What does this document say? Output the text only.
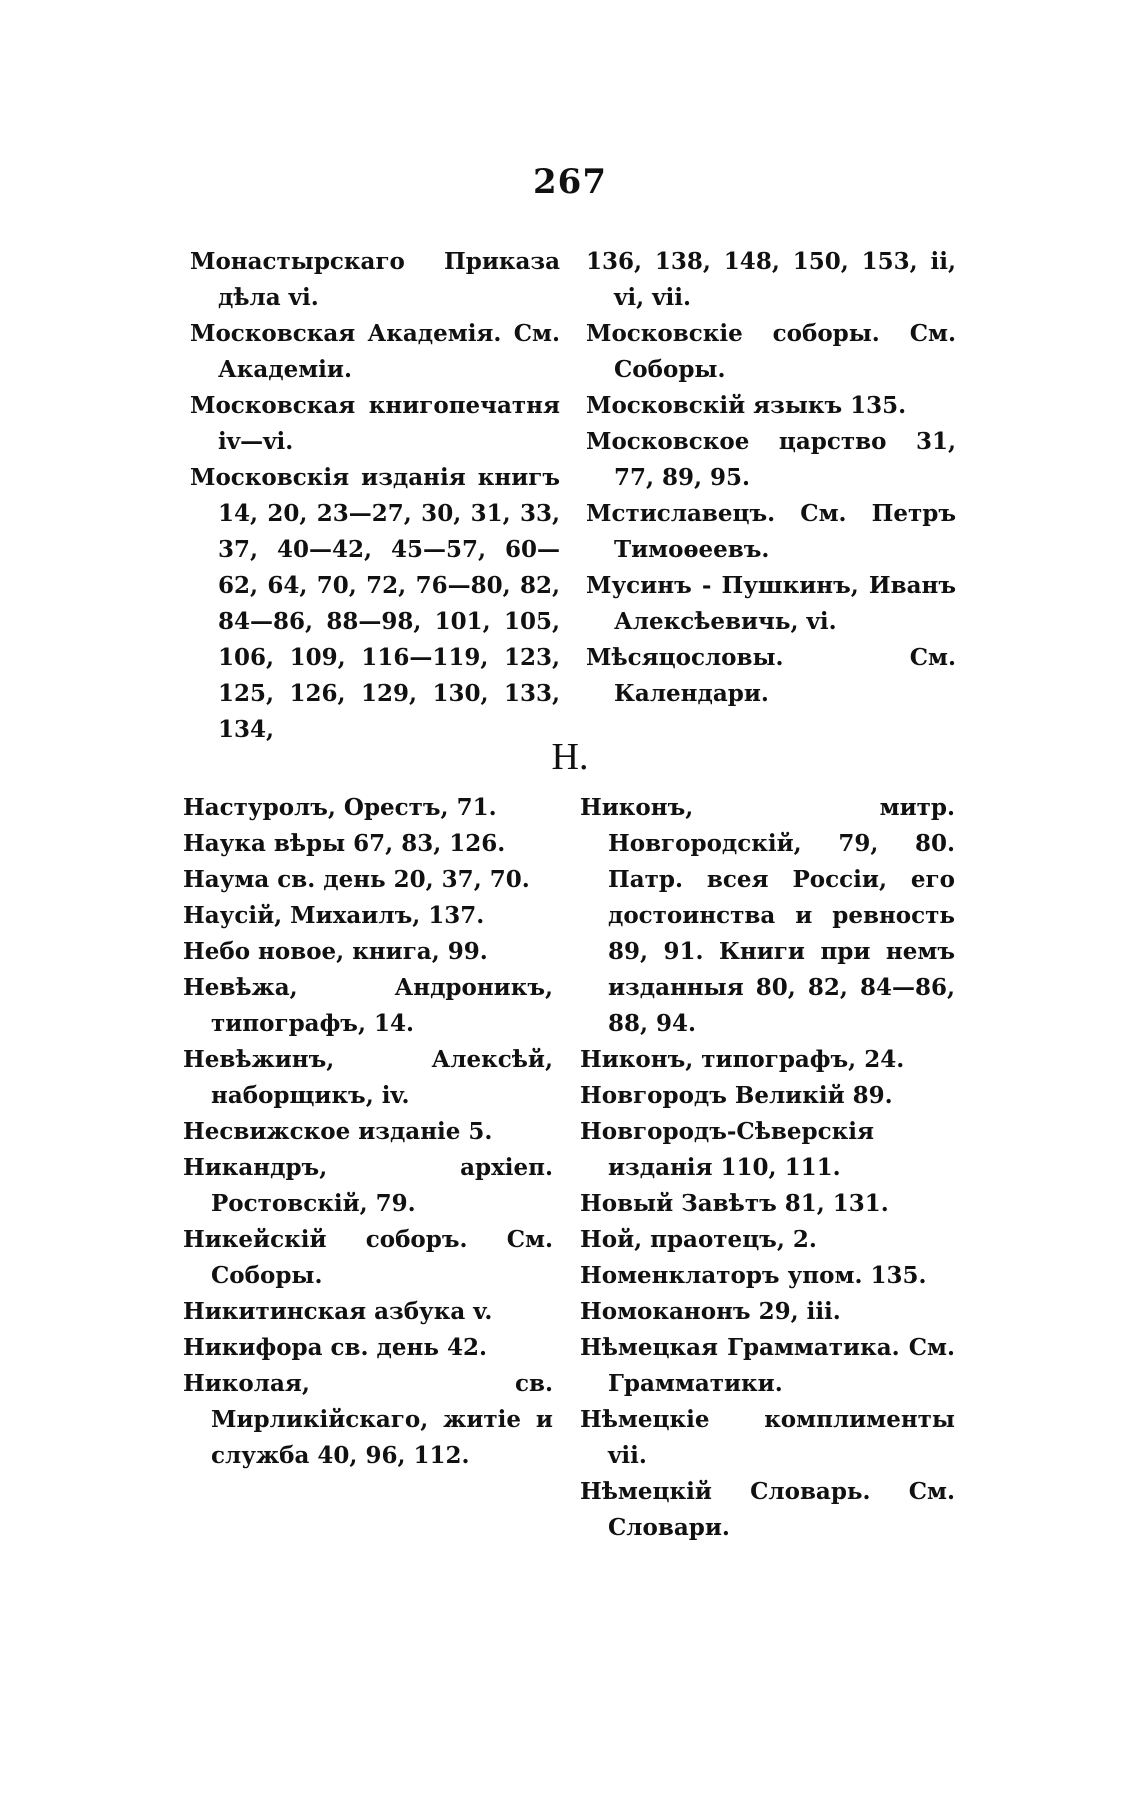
267

Монастырскаго Приказа дѣла vi.

Московская Академія. См. Академіи.

Московская книгопечатня iv—vi.

Московскія изданія книгъ 14, 20, 23—27, 30, 31, 33, 37, 40—42, 45—57, 60—62, 64, 70, 72, 76—80, 82, 84—86, 88—98, 101, 105, 106, 109, 116—119, 123, 125, 126, 129, 130, 133, 134,

136, 138, 148, 150, 153, ii, vi, vii.

Московскіе соборы. См. Соборы.

Московскій языкъ 135.

Московское царство 31, 77, 89, 95.

Мстиславецъ. См. Петръ Тимоѳеевъ.

Мусинъ - Пушкинъ, Иванъ Алексѣевичь, vi.

Мѣсяцословы. См. Календари.

Н.

Настуролъ, Орестъ, 71.

Наука вѣры 67, 83, 126.

Наума св. день 20, 37, 70.

Наусій, Михаилъ, 137.

Небо новое, книга, 99.

Невѣжа, Андроникъ, типографъ, 14.

Невѣжинъ, Алексѣй, наборщикъ, iv.

Несвижское изданіе 5.

Никандръ, архіеп. Ростовскій, 79.

Никейскій соборъ. См. Соборы.

Никитинская азбука v.

Никифора св. день 42.

Николая, св. Мирликійскаго, житіе и служба 40, 96, 112.

Никонъ, митр. Новгородскій, 79, 80. Патр. всея Россіи, его достоинства и ревность 89, 91. Книги при немъ изданныя 80, 82, 84—86, 88, 94.

Никонъ, типографъ, 24.

Новгородъ Великій 89.

Новгородъ-Сѣверскія изданія 110, 111.

Новый Завѣтъ 81, 131.

Ной, праотецъ, 2.

Номенклаторъ упом. 135.

Номоканонъ 29, iii.

Нѣмецкая Грамматика. См. Грамматики.

Нѣмецкіе комплименты vii.

Нѣмецкій Словарь. См. Словари.
